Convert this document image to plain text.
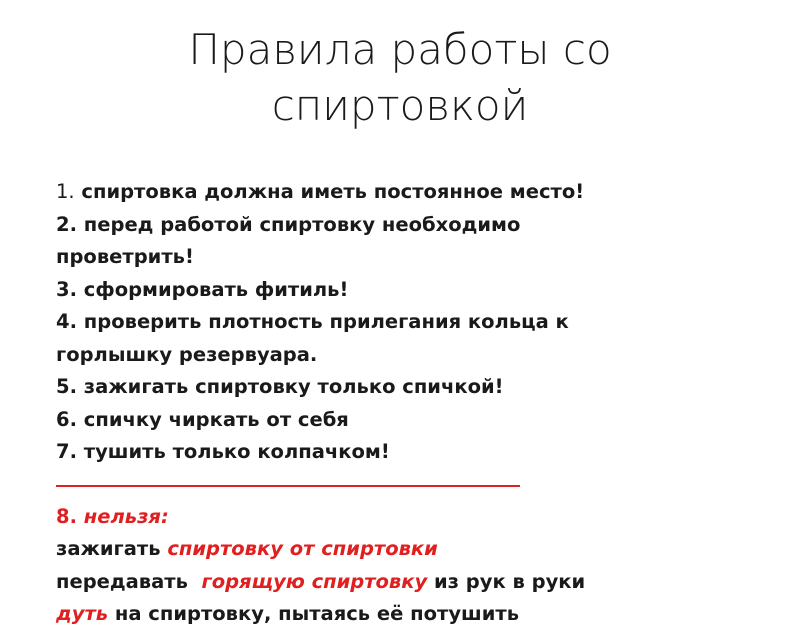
Правила работы со
спиртовкой
1. спиртовка должна иметь постоянное место!
2. перед работой спиртовку необходимо
проветрить!
3. сформировать фитиль!
4. проверить плотность прилегания кольца к
горлышку резервуара.
5. зажигать спиртовку только спичкой!
6. спичку чиркать от себя
7. тушить только колпачком!
8. нельзя:
зажигать спиртовку от спиртовки
передавать  горящую спиртовку из рук в руки
дуть на спиртовку, пытаясь её потушить
